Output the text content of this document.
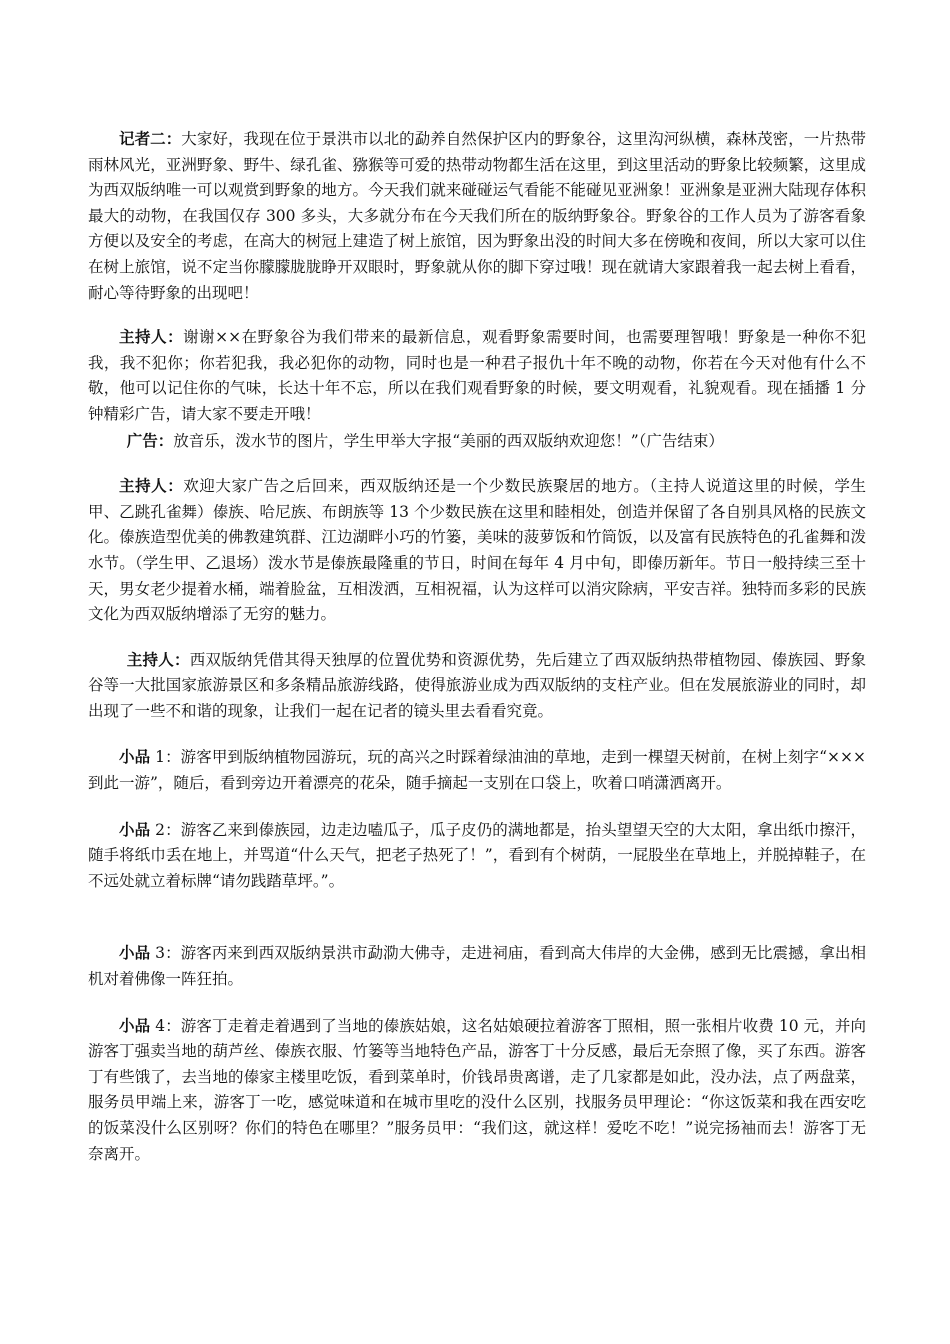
记者二：大家好，我现在位于景洪市以北的勐养自然保护区内的野象谷，这里沟河纵横，森林茂密，一片热带雨林风光，亚洲野象、野牛、绿孔雀、猕猴等可爱的热带动物都生活在这里，到这里活动的野象比较频繁，这里成为西双版纳唯一可以观赏到野象的地方。今天我们就来碰碰运气看能不能碰见亚洲象！亚洲象是亚洲大陆现存体积最大的动物，在我国仅存 300 多头，大多就分布在今天我们所在的版纳野象谷。野象谷的工作人员为了游客看象方便以及安全的考虑，在高大的树冠上建造了树上旅馆，因为野象出没的时间大多在傍晚和夜间，所以大家可以住在树上旅馆，说不定当你朦朦胧胧睁开双眼时，野象就从你的脚下穿过哦！现在就请大家跟着我一起去树上看看，耐心等待野象的出现吧！

主持人：谢谢××在野象谷为我们带来的最新信息，观看野象需要时间，也需要理智哦！野象是一种你不犯我，我不犯你；你若犯我，我必犯你的动物，同时也是一种君子报仇十年不晚的动物，你若在今天对他有什么不敬，他可以记住你的气味，长达十年不忘，所以在我们观看野象的时候，要文明观看，礼貌观看。现在插播 1 分钟精彩广告，请大家不要走开哦！

广告：放音乐，泼水节的图片，学生甲举大字报“美丽的西双版纳欢迎您！”（广告结束）

主持人：欢迎大家广告之后回来，西双版纳还是一个少数民族聚居的地方。（主持人说道这里的时候，学生甲、乙跳孔雀舞）傣族、哈尼族、布朗族等 13 个少数民族在这里和睦相处，创造并保留了各自别具风格的民族文化。傣族造型优美的佛教建筑群、江边湖畔小巧的竹篓，美味的菠萝饭和竹筒饭，以及富有民族特色的孔雀舞和泼水节。（学生甲、乙退场）泼水节是傣族最隆重的节日，时间在每年 4 月中旬，即傣历新年。节日一般持续三至十天，男女老少提着水桶，端着脸盆，互相泼洒，互相祝福，认为这样可以消灾除病，平安吉祥。独特而多彩的民族文化为西双版纳增添了无穷的魅力。

主持人：西双版纳凭借其得天独厚的位置优势和资源优势，先后建立了西双版纳热带植物园、傣族园、野象谷等一大批国家旅游景区和多条精品旅游线路，使得旅游业成为西双版纳的支柱产业。但在发展旅游业的同时，却出现了一些不和谐的现象，让我们一起在记者的镜头里去看看究竟。

小品 1：游客甲到版纳植物园游玩，玩的高兴之时踩着绿油油的草地，走到一棵望天树前，在树上刻字“×××到此一游”，随后，看到旁边开着漂亮的花朵，随手摘起一支别在口袋上，吹着口哨潇洒离开。

小品 2：游客乙来到傣族园，边走边嗑瓜子，瓜子皮仍的满地都是，抬头望望天空的大太阳，拿出纸巾擦汗，随手将纸巾丢在地上，并骂道“什么天气，把老子热死了！”，看到有个树荫，一屁股坐在草地上，并脱掉鞋子，在不远处就立着标牌“请勿践踏草坪。”。

小品 3：游客丙来到西双版纳景洪市勐泐大佛寺，走进祠庙，看到高大伟岸的大金佛，感到无比震撼，拿出相机对着佛像一阵狂拍。

小品 4：游客丁走着走着遇到了当地的傣族姑娘，这名姑娘硬拉着游客丁照相，照一张相片收费 10 元，并向游客丁强卖当地的葫芦丝、傣族衣服、竹篓等当地特色产品，游客丁十分反感，最后无奈照了像，买了东西。游客丁有些饿了，去当地的傣家主楼里吃饭，看到菜单时，价钱昂贵离谱，走了几家都是如此，没办法，点了两盘菜，服务员甲端上来，游客丁一吃，感觉味道和在城市里吃的没什么区别，找服务员甲理论：“你这饭菜和我在西安吃的饭菜没什么区别呀？你们的特色在哪里？”服务员甲：“我们这，就这样！爱吃不吃！”说完扬袖而去！游客丁无奈离开。
